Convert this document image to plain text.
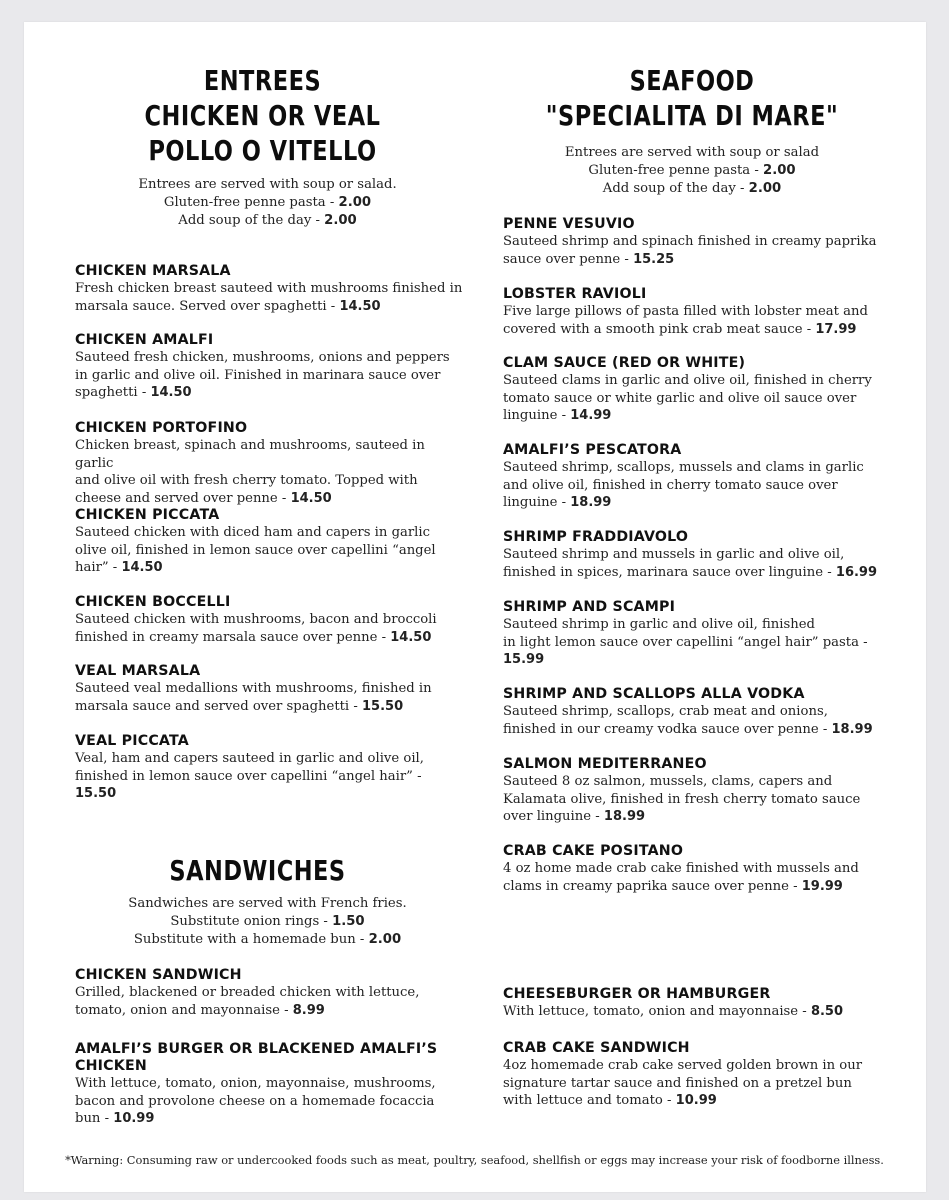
ENTREES
CHICKEN OR VEAL
POLLO O VITELLO
Entrees are served with soup or salad.
Gluten-free penne pasta - 2.00
Add soup of the day - 2.00
SEAFOOD
"SPECIALITA DI MARE"
Entrees are served with soup or salad
Gluten-free penne pasta - 2.00
Add soup of the day - 2.00
CHICKEN MARSALA
Fresh chicken breast sauteed with mushrooms finished in
marsala sauce. Served over spaghetti - 14.50
CHICKEN AMALFI
Sauteed fresh chicken, mushrooms, onions and peppers
in garlic and olive oil. Finished in marinara sauce over
spaghetti - 14.50
CHICKEN PORTOFINO
Chicken breast, spinach and mushrooms, sauteed in garlic
and olive oil with fresh cherry tomato. Topped with
cheese and served over penne - 14.50
CHICKEN PICCATA
Sauteed chicken with diced ham and capers in garlic
olive oil, finished in lemon sauce over capellini “angel
hair” - 14.50
CHICKEN BOCCELLI
Sauteed chicken with mushrooms, bacon and broccoli
finished in creamy marsala sauce over penne - 14.50
VEAL MARSALA
Sauteed veal medallions with mushrooms, finished in
marsala sauce and served over spaghetti - 15.50
VEAL PICCATA
Veal, ham and capers sauteed in garlic and olive oil,
finished in lemon sauce over capellini “angel hair” -
15.50
PENNE VESUVIO
Sauteed shrimp and spinach finished in creamy paprika
sauce over penne - 15.25
LOBSTER RAVIOLI
Five large pillows of pasta filled with lobster meat and
covered with a smooth pink crab meat sauce - 17.99
CLAM SAUCE (RED OR WHITE)
Sauteed clams in garlic and olive oil, finished in cherry
tomato sauce or white garlic and olive oil sauce over
linguine - 14.99
AMALFI’S PESCATORA
Sauteed shrimp, scallops, mussels and clams in garlic
and olive oil, finished in cherry tomato sauce over
linguine - 18.99
SHRIMP FRADDIAVOLO
Sauteed shrimp and mussels in garlic and olive oil,
finished in spices, marinara sauce over linguine - 16.99
SHRIMP AND SCAMPI
Sauteed shrimp in garlic and olive oil, finished
in light lemon sauce over capellini “angel hair” pasta -
15.99
SHRIMP AND SCALLOPS ALLA VODKA
Sauteed shrimp, scallops, crab meat and onions,
finished in our creamy vodka sauce over penne - 18.99
SALMON MEDITERRANEO
Sauteed 8 oz salmon, mussels, clams, capers and
Kalamata olive, finished in fresh cherry tomato sauce
over linguine - 18.99
CRAB CAKE POSITANO
4 oz home made crab cake finished with mussels and
clams in creamy paprika sauce over penne - 19.99
SANDWICHES
Sandwiches are served with French fries.
Substitute onion rings - 1.50
Substitute with a homemade bun - 2.00
CHICKEN SANDWICH
Grilled, blackened or breaded chicken with lettuce,
tomato, onion and mayonnaise - 8.99
AMALFI’S BURGER OR BLACKENED AMALFI’S
CHICKEN
With lettuce, tomato, onion, mayonnaise, mushrooms,
bacon and provolone cheese on a homemade focaccia
bun - 10.99
CHEESEBURGER OR HAMBURGER
With lettuce, tomato, onion and mayonnaise - 8.50
CRAB CAKE SANDWICH
4oz homemade crab cake served golden brown in our
signature tartar sauce and finished on a pretzel bun
with lettuce and tomato - 10.99
*Warning: Consuming raw or undercooked foods such as meat, poultry, seafood, shellfish or eggs may increase your risk of foodborne illness.
